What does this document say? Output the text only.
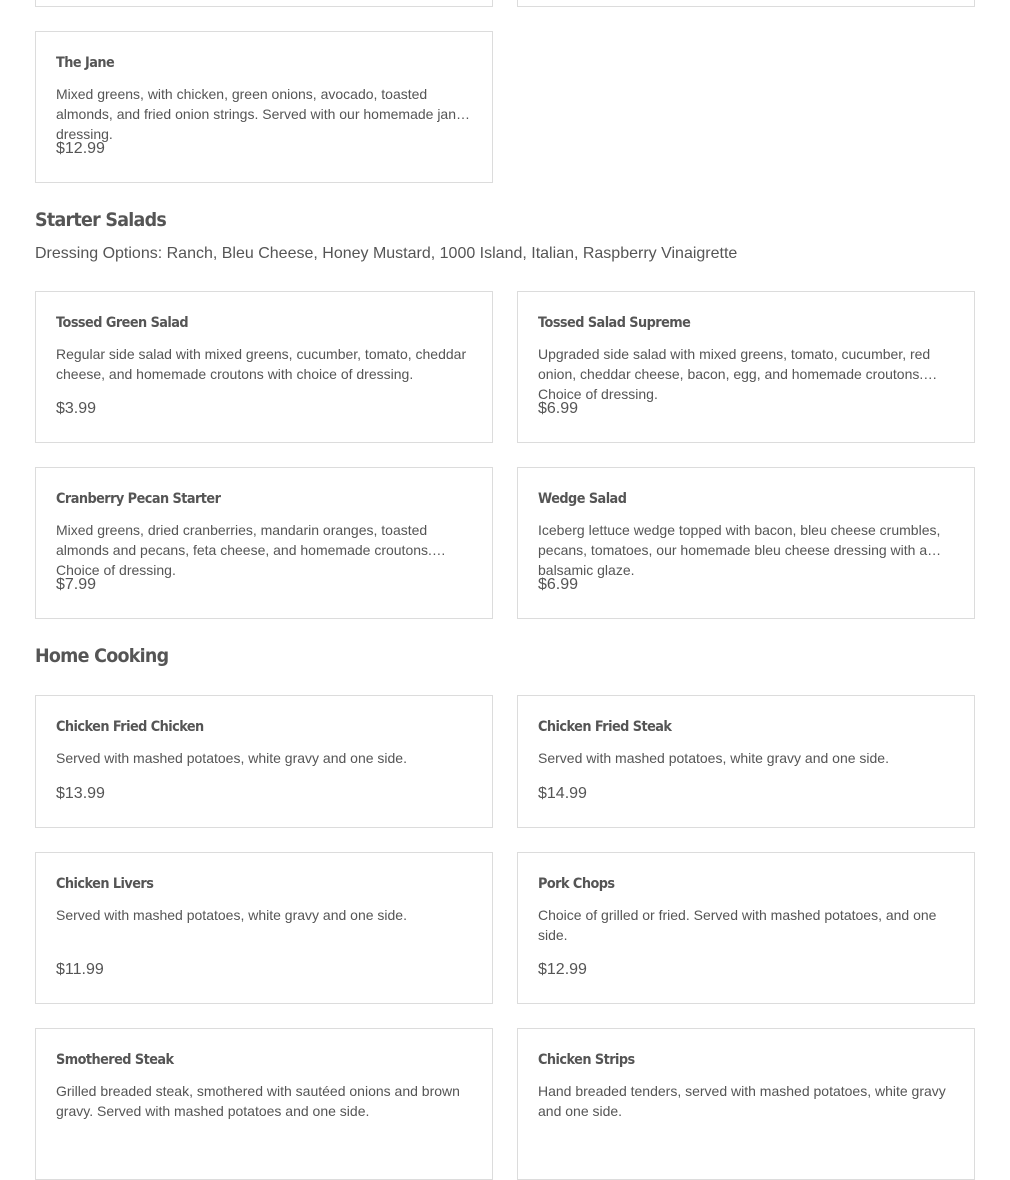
The Jane
Mixed greens, with chicken, green onions, avocado, toasted almonds, and fried onion strings. Served with our homemade jane dressing.
$12.99
Starter Salads
Dressing Options: Ranch, Bleu Cheese, Honey Mustard, 1000 Island, Italian, Raspberry Vinaigrette
Tossed Green Salad
Regular side salad with mixed greens, cucumber, tomato, cheddar cheese, and homemade croutons with choice of dressing.
$3.99
Tossed Salad Supreme
Upgraded side salad with mixed greens, tomato, cucumber, red onion, cheddar cheese, bacon, egg, and homemade croutons. Choice of dressing.
$6.99
Cranberry Pecan Starter
Mixed greens, dried cranberries, mandarin oranges, toasted almonds and pecans, feta cheese, and homemade croutons. Choice of dressing.
$7.99
Wedge Salad
Iceberg lettuce wedge topped with bacon, bleu cheese crumbles, pecans, tomatoes, our homemade bleu cheese dressing with a balsamic glaze.
$6.99
Home Cooking
Chicken Fried Chicken
Served with mashed potatoes, white gravy and one side.
$13.99
Chicken Fried Steak
Served with mashed potatoes, white gravy and one side.
$14.99
Chicken Livers
Served with mashed potatoes, white gravy and one side.
$11.99
Pork Chops
Choice of grilled or fried. Served with mashed potatoes, and one side.
$12.99
Smothered Steak
Grilled breaded steak, smothered with sautéed onions and brown gravy. Served with mashed potatoes and one side.
Chicken Strips
Hand breaded tenders, served with mashed potatoes, white gravy and one side.
